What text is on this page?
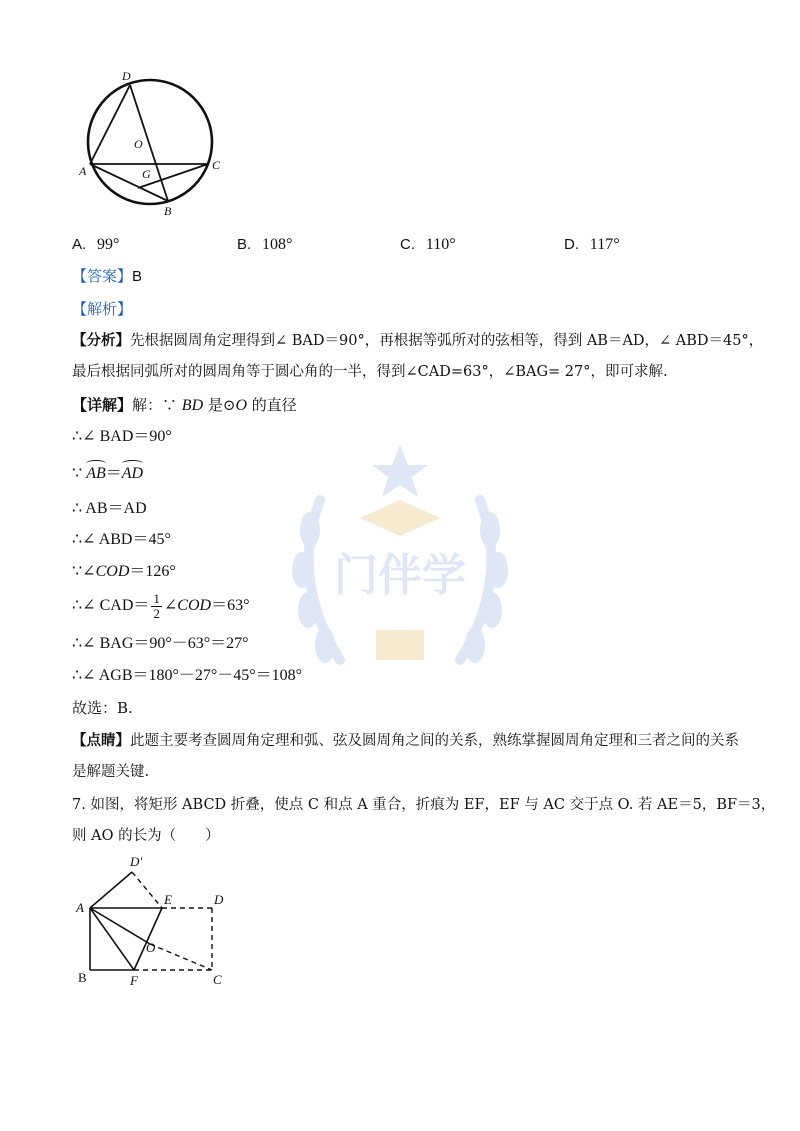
门伴学
D
O
A	G
C
B
A. 99°	B. 108°	C. 110°	D. 117°
【答案】B
【解析】
【分析】先根据圆周角定理得到∠ BAD＝90°，再根据等弧所对的弦相等，得到 AB＝AD，∠ ABD＝45°，
最后根据同弧所对的圆周角等于圆心角的一半，得到∠CAD=63°，∠BAG= 27°，即可求解.
【详解】解：∵ BD 是⊙O 的直径
∴∠ BAD＝90°
∵ AB＝AD
∴ AB＝AD
∴∠ ABD＝45°
∵∠COD＝126°
∴∠ $CAD= \frac{1}{2}$ ∠COD＝63°
∴∠ BAG＝90°－63°＝27°
∴∠ AGB＝180°－27°－45°＝108°
故选：B.
【点睛】此题主要考查圆周角定理和弧、弦及圆周角之间的关系，熟练掌握圆周角定理和三者之间的关系
是解题关键.
7. 如图，将矩形 ABCD 折叠，使点 C 和点 A 重合，折痕为 EF，EF 与 AC 交于点 O. 若 AE＝5，BF＝3，
则 AO 的长为（　　）
D'
A
E	D
O
B	F	C
